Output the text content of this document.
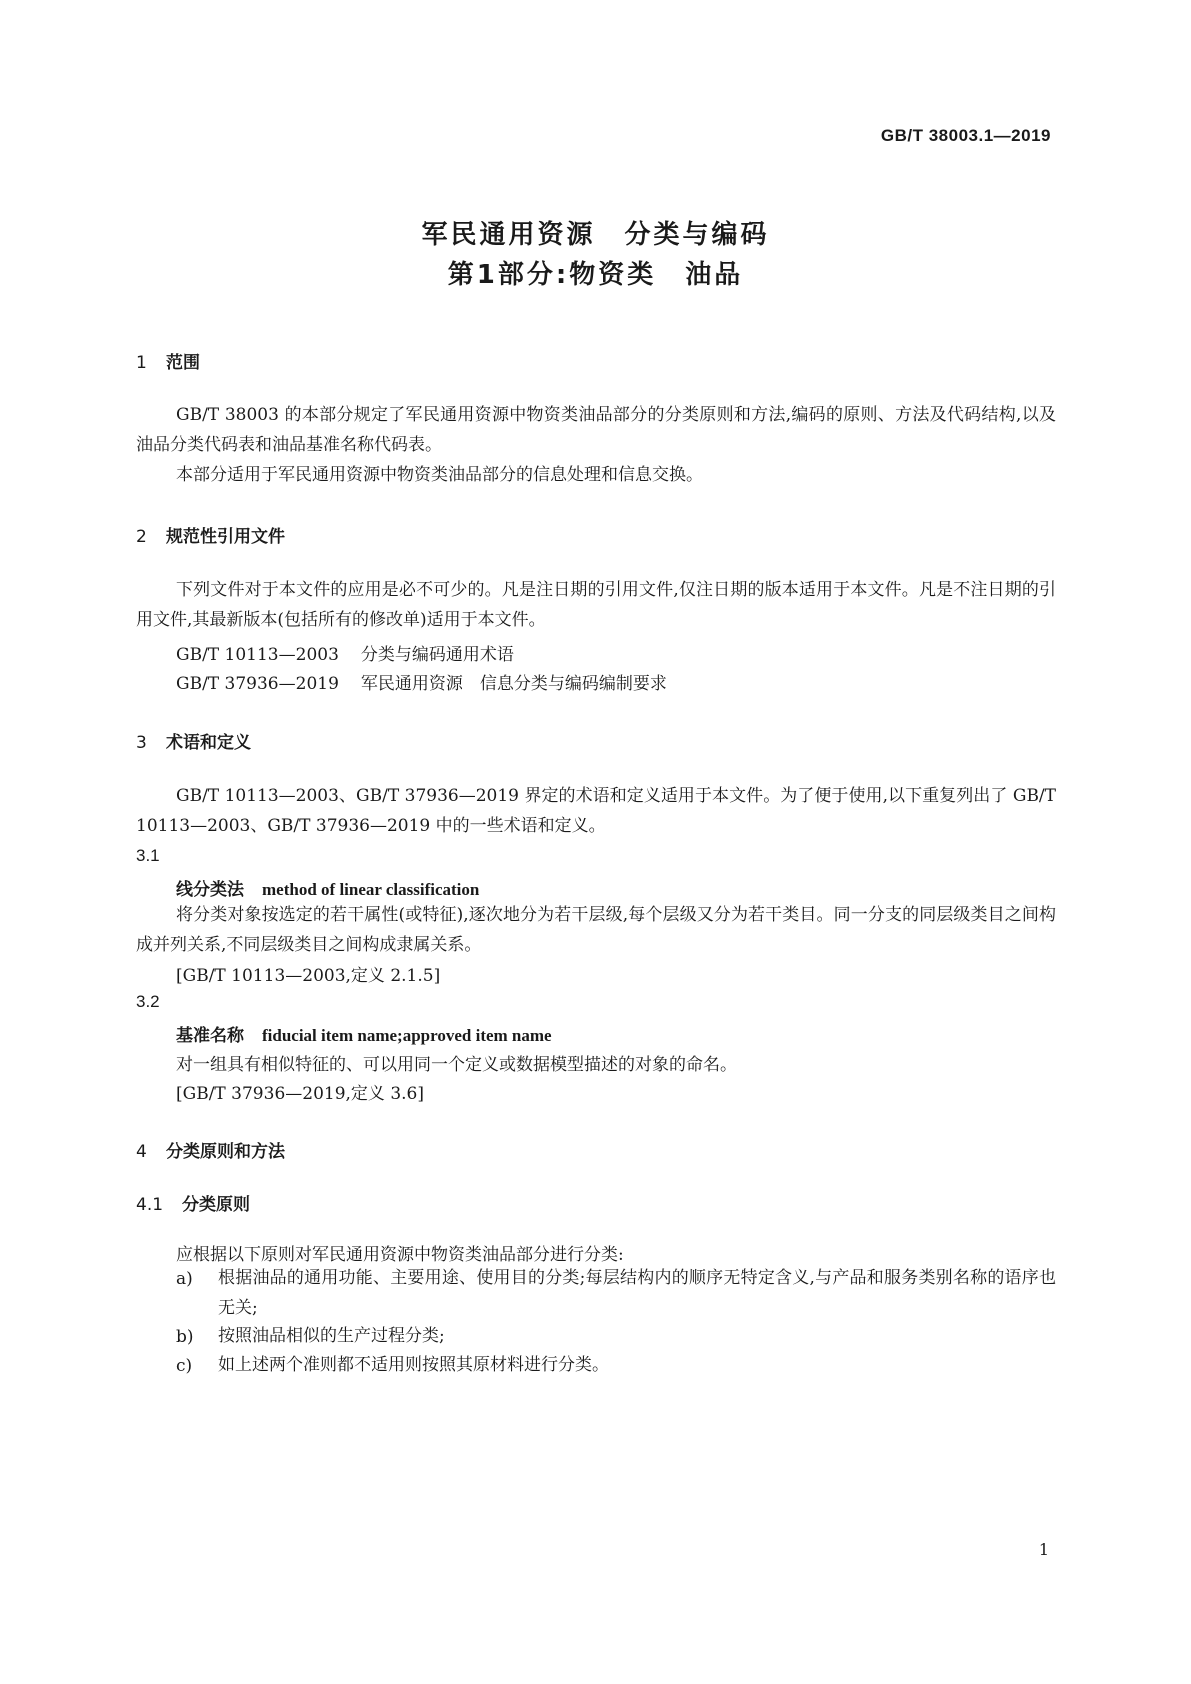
GB/T 38003.1—2019
军民通用资源　分类与编码
第1部分:物资类　油品
1 范围
GB/T 38003 的本部分规定了军民通用资源中物资类油品部分的分类原则和方法,编码的原则、方法及代码结构,以及油品分类代码表和油品基准名称代码表。
本部分适用于军民通用资源中物资类油品部分的信息处理和信息交换。
2 规范性引用文件
下列文件对于本文件的应用是必不可少的。凡是注日期的引用文件,仅注日期的版本适用于本文件。凡是不注日期的引用文件,其最新版本(包括所有的修改单)适用于本文件。
GB/T 10113—2003 分类与编码通用术语
GB/T 37936—2019 军民通用资源　信息分类与编码编制要求
3 术语和定义
GB/T 10113—2003、GB/T 37936—2019 界定的术语和定义适用于本文件。为了便于使用,以下重复列出了 GB/T 10113—2003、GB/T 37936—2019 中的一些术语和定义。
3.1
线分类法 method of linear classification
将分类对象按选定的若干属性(或特征),逐次地分为若干层级,每个层级又分为若干类目。同一分支的同层级类目之间构成并列关系,不同层级类目之间构成隶属关系。
[GB/T 10113—2003,定义 2.1.5]
3.2
基准名称 fiducial item name;approved item name
对一组具有相似特征的、可以用同一个定义或数据模型描述的对象的命名。
[GB/T 37936—2019,定义 3.6]
4 分类原则和方法
4.1 分类原则
应根据以下原则对军民通用资源中物资类油品部分进行分类:
a) 根据油品的通用功能、主要用途、使用目的分类;每层结构内的顺序无特定含义,与产品和服务类别名称的语序也无关;
b) 按照油品相似的生产过程分类;
c) 如上述两个准则都不适用则按照其原材料进行分类。
1
